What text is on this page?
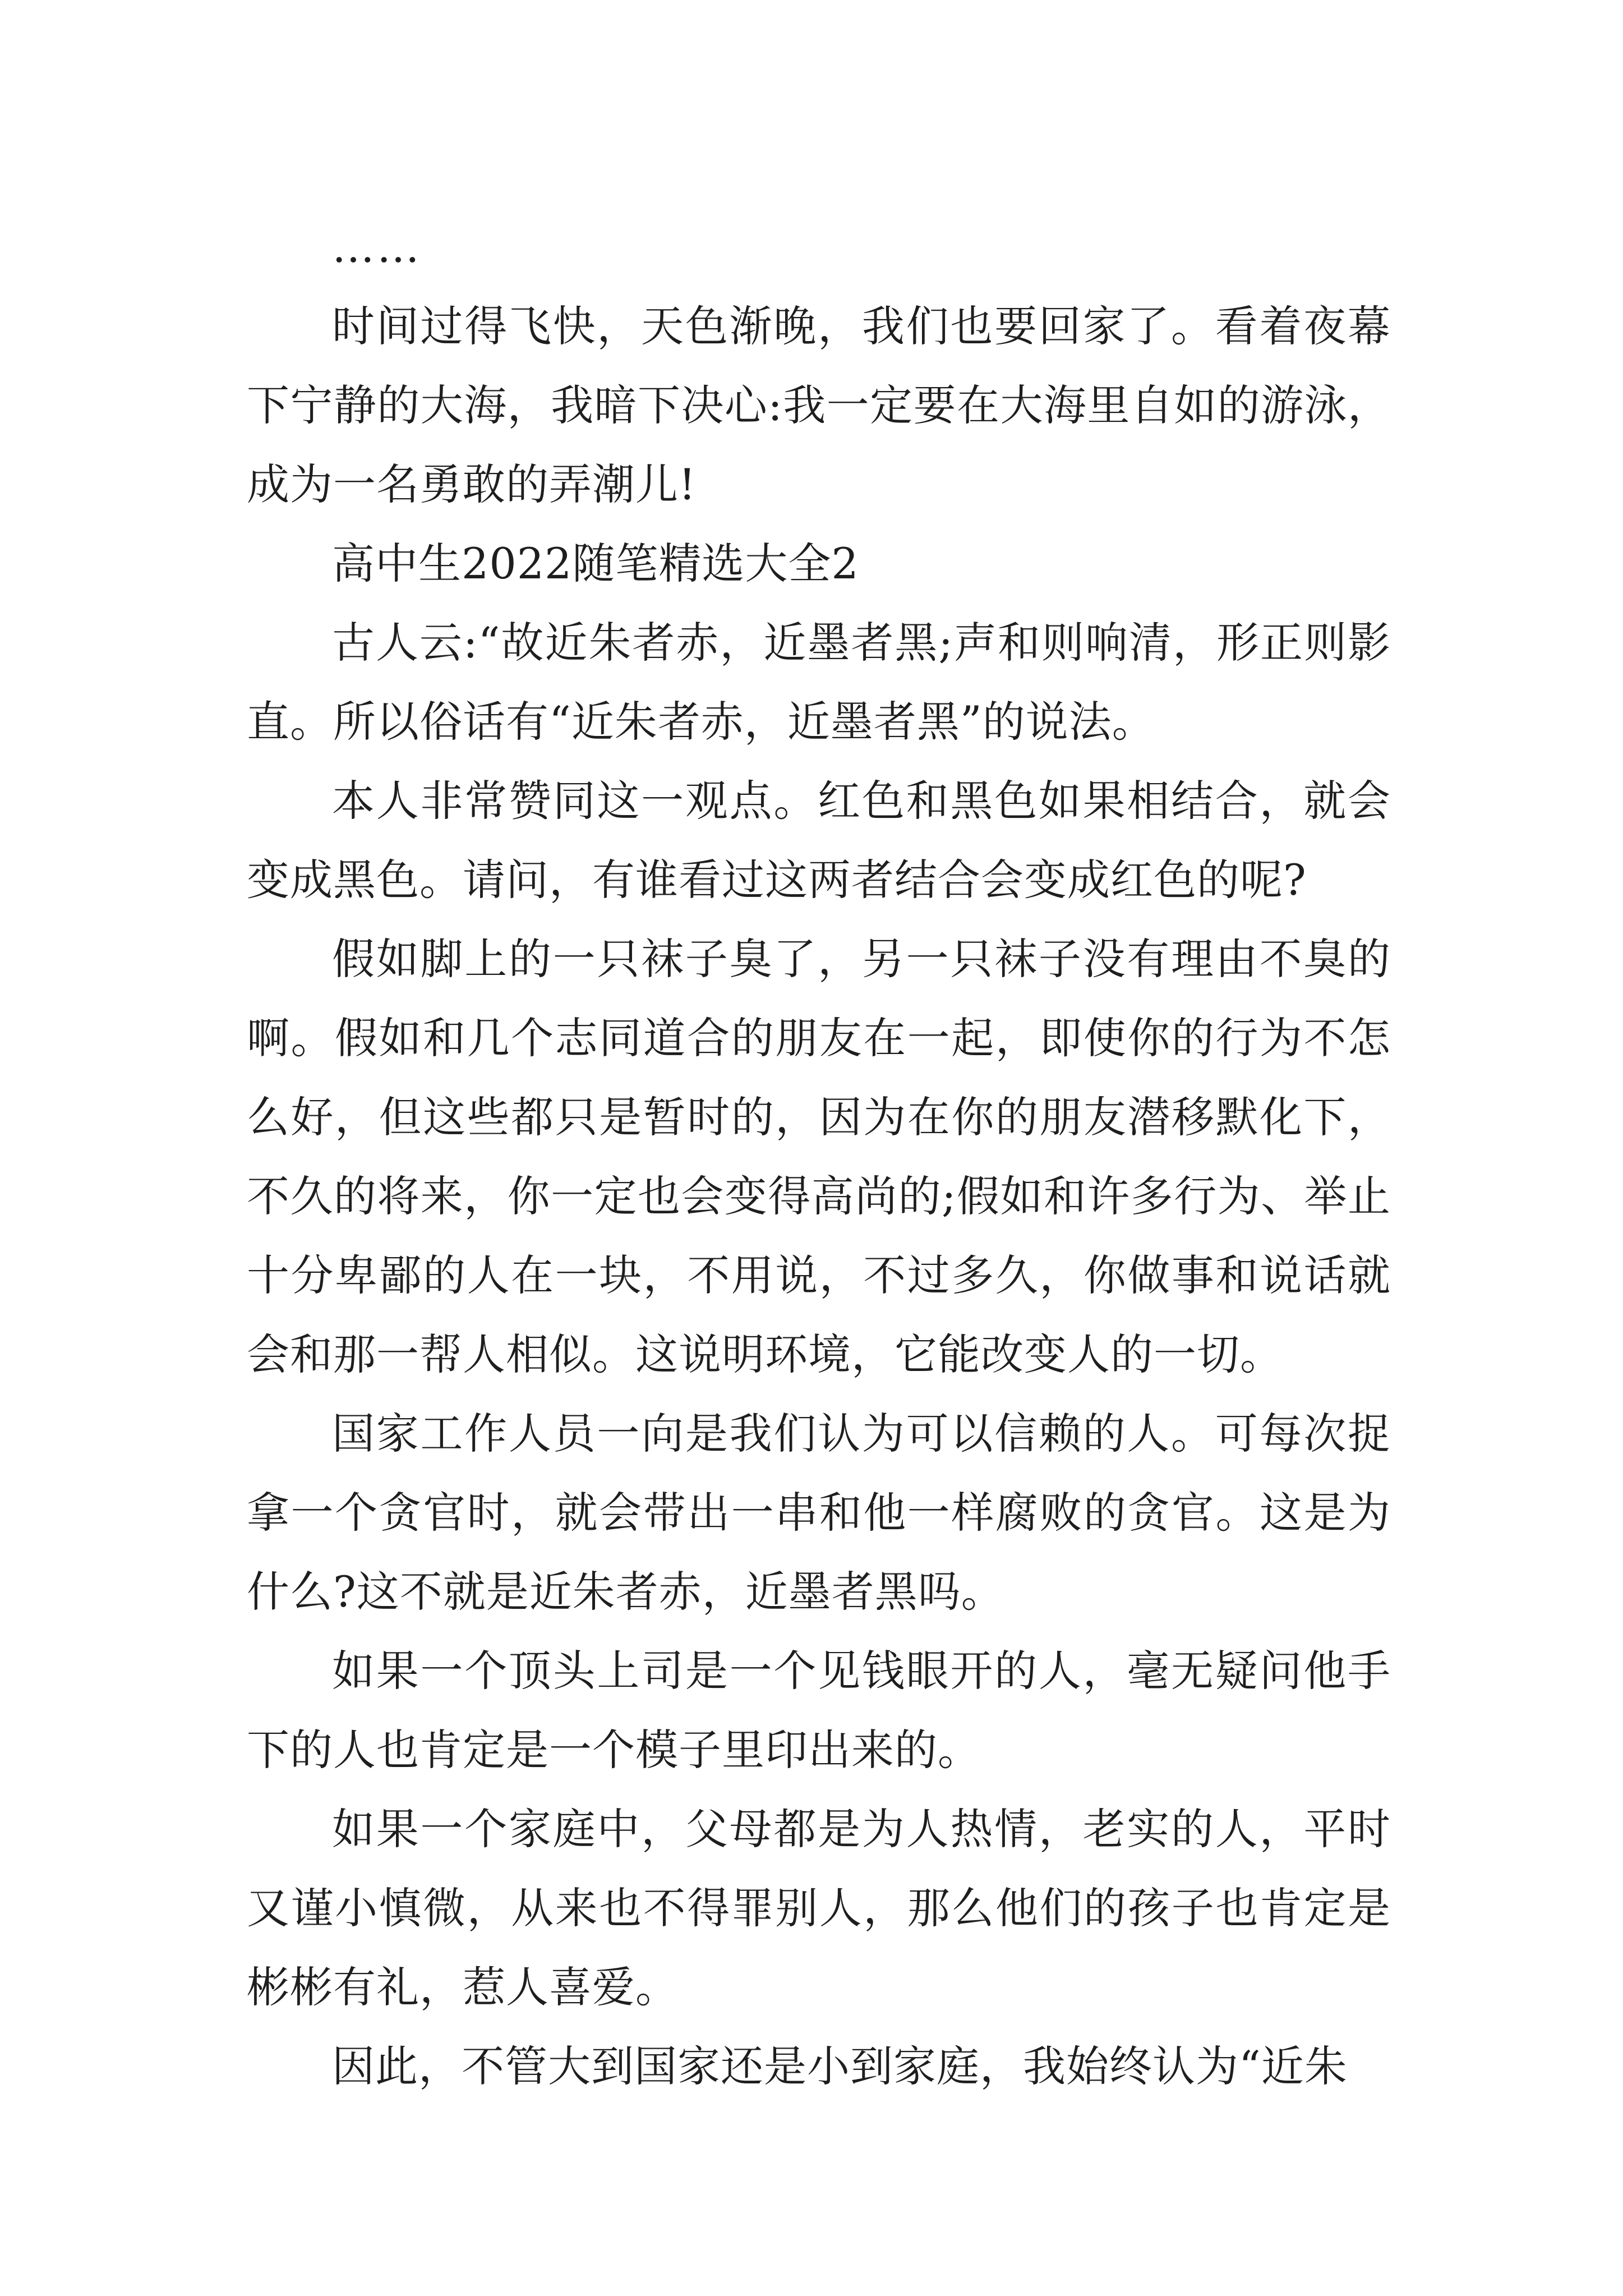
……

时间过得飞快，天色渐晚，我们也要回家了。看着夜幕下宁静的大海，我暗下决心:我一定要在大海里自如的游泳，成为一名勇敢的弄潮儿!

高中生2022随笔精选大全2

古人云:“故近朱者赤，近墨者黑;声和则响清，形正则影直。所以俗话有“近朱者赤，近墨者黑”的说法。

本人非常赞同这一观点。红色和黑色如果相结合，就会变成黑色。请问，有谁看过这两者结合会变成红色的呢?

假如脚上的一只袜子臭了，另一只袜子没有理由不臭的啊。假如和几个志同道合的朋友在一起，即使你的行为不怎么好，但这些都只是暂时的，因为在你的朋友潜移默化下，不久的将来，你一定也会变得高尚的;假如和许多行为、举止十分卑鄙的人在一块，不用说，不过多久，你做事和说话就会和那一帮人相似。这说明环境，它能改变人的一切。

国家工作人员一向是我们认为可以信赖的人。可每次捉拿一个贪官时，就会带出一串和他一样腐败的贪官。这是为什么?这不就是近朱者赤，近墨者黑吗。

如果一个顶头上司是一个见钱眼开的人，毫无疑问他手下的人也肯定是一个模子里印出来的。

如果一个家庭中，父母都是为人热情，老实的人，平时又谨小慎微，从来也不得罪别人，那么他们的孩子也肯定是彬彬有礼，惹人喜爱。

因此，不管大到国家还是小到家庭，我始终认为“近朱
